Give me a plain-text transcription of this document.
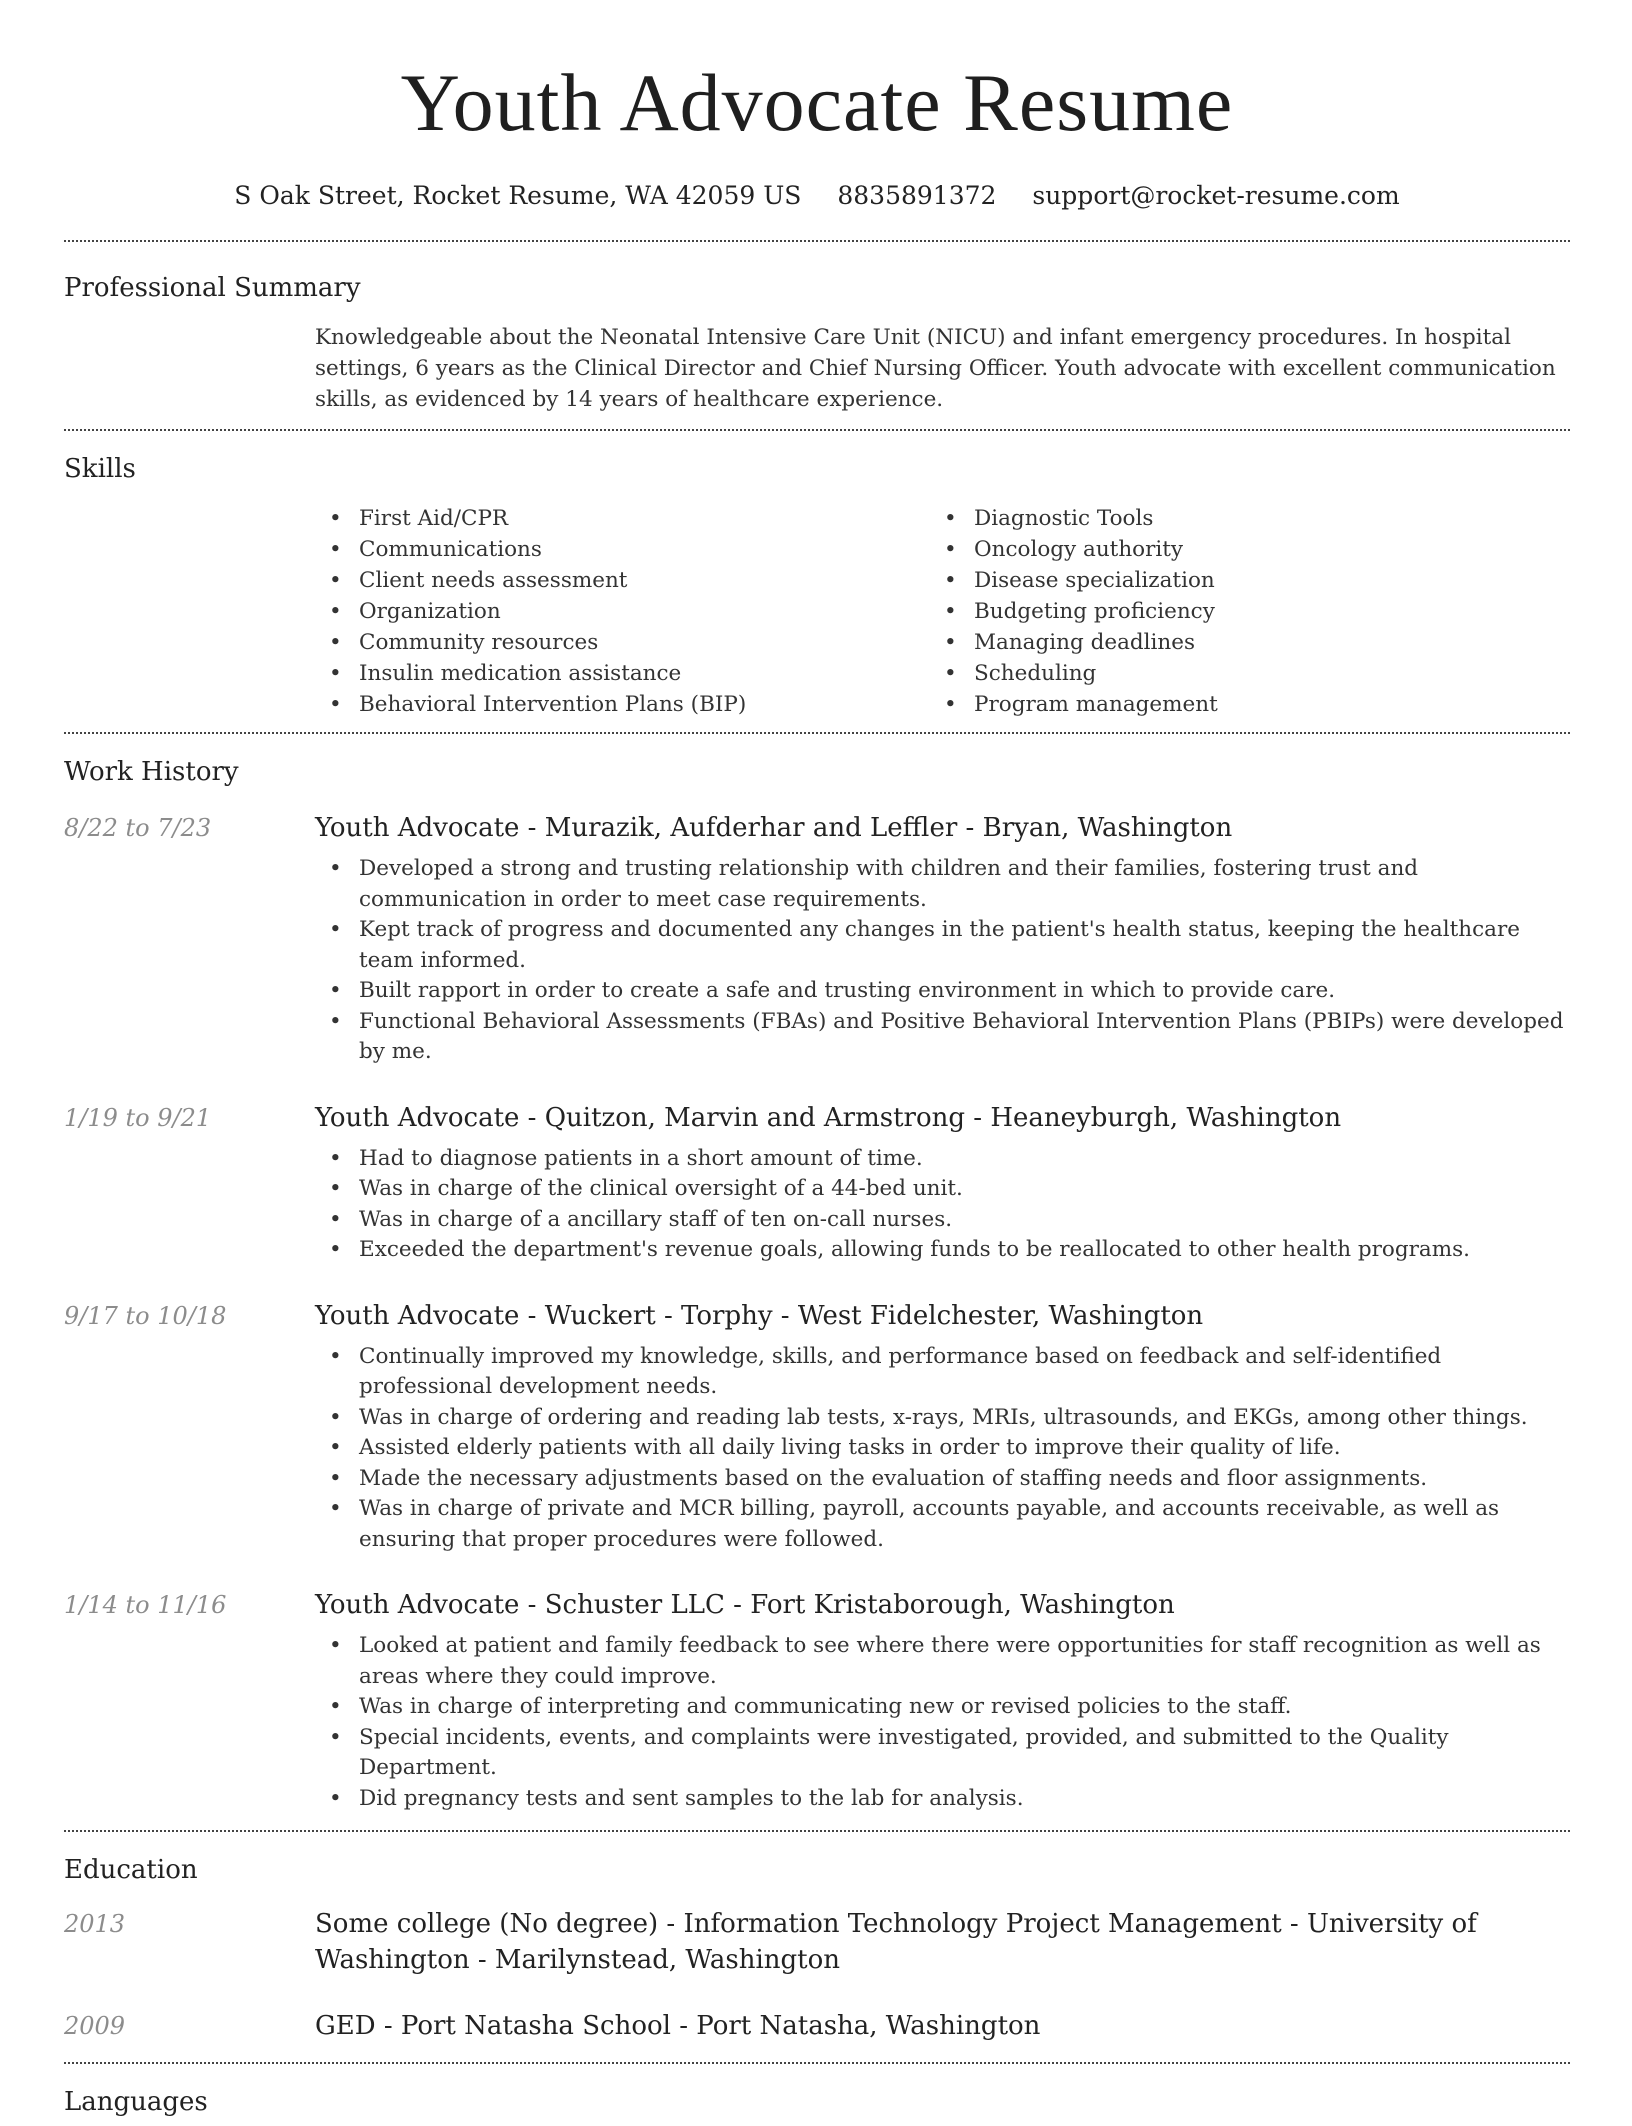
Youth Advocate Resume
S Oak Street, Rocket Resume, WA 42059 US 8835891372 support@rocket-resume.com
Professional Summary
Knowledgeable about the Neonatal Intensive Care Unit (NICU) and infant emergency procedures. In hospital settings, 6 years as the Clinical Director and Chief Nursing Officer. Youth advocate with excellent communication skills, as evidenced by 14 years of healthcare experience.
Skills
• First Aid/CPR
• Communications
• Client needs assessment
• Organization
• Community resources
• Insulin medication assistance
• Behavioral Intervention Plans (BIP)
• Diagnostic Tools
• Oncology authority
• Disease specialization
• Budgeting proficiency
• Managing deadlines
• Scheduling
• Program management
Work History
8/22 to 7/23	Youth Advocate - Murazik, Aufderhar and Leffler - Bryan, Washington
• Developed a strong and trusting relationship with children and their families, fostering trust and communication in order to meet case requirements.
• Kept track of progress and documented any changes in the patient's health status, keeping the healthcare team informed.
• Built rapport in order to create a safe and trusting environment in which to provide care.
• Functional Behavioral Assessments (FBAs) and Positive Behavioral Intervention Plans (PBIPs) were developed by me.
1/19 to 9/21	Youth Advocate - Quitzon, Marvin and Armstrong - Heaneyburgh, Washington
• Had to diagnose patients in a short amount of time.
• Was in charge of the clinical oversight of a 44-bed unit.
• Was in charge of a ancillary staff of ten on-call nurses.
• Exceeded the department's revenue goals, allowing funds to be reallocated to other health programs.
9/17 to 10/18	Youth Advocate - Wuckert - Torphy - West Fidelchester, Washington
• Continually improved my knowledge, skills, and performance based on feedback and self-identified professional development needs.
• Was in charge of ordering and reading lab tests, x-rays, MRIs, ultrasounds, and EKGs, among other things.
• Assisted elderly patients with all daily living tasks in order to improve their quality of life.
• Made the necessary adjustments based on the evaluation of staffing needs and floor assignments.
• Was in charge of private and MCR billing, payroll, accounts payable, and accounts receivable, as well as ensuring that proper procedures were followed.
1/14 to 11/16	Youth Advocate - Schuster LLC - Fort Kristaborough, Washington
• Looked at patient and family feedback to see where there were opportunities for staff recognition as well as areas where they could improve.
• Was in charge of interpreting and communicating new or revised policies to the staff.
• Special incidents, events, and complaints were investigated, provided, and submitted to the Quality Department.
• Did pregnancy tests and sent samples to the lab for analysis.
Education
2013	Some college (No degree) - Information Technology Project Management - University of Washington - Marilynstead, Washington
2009	GED - Port Natasha School - Port Natasha, Washington
Languages
